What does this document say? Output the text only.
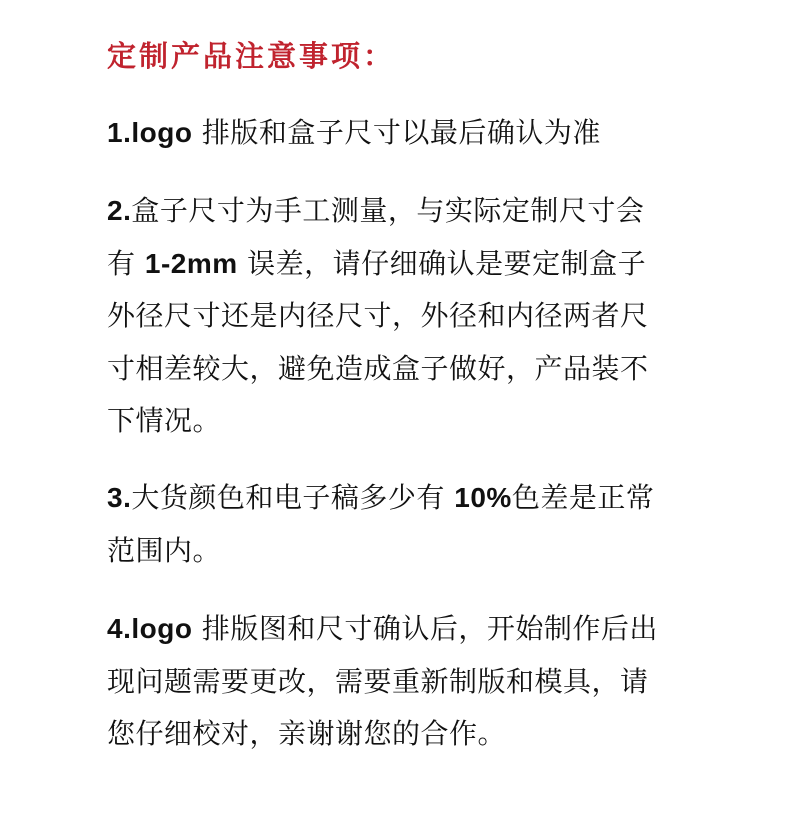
定制产品注意事项：
1.logo 排版和盒子尺寸以最后确认为准
2.盒子尺寸为手工测量，与实际定制尺寸会
有 1-2mm 误差，请仔细确认是要定制盒子
外径尺寸还是内径尺寸，外径和内径两者尺
寸相差较大，避免造成盒子做好，产品装不
下情况。
3.大货颜色和电子稿多少有 10%色差是正常
范围内。
4.logo 排版图和尺寸确认后，开始制作后出
现问题需要更改，需要重新制版和模具，请
您仔细校对，亲谢谢您的合作。
